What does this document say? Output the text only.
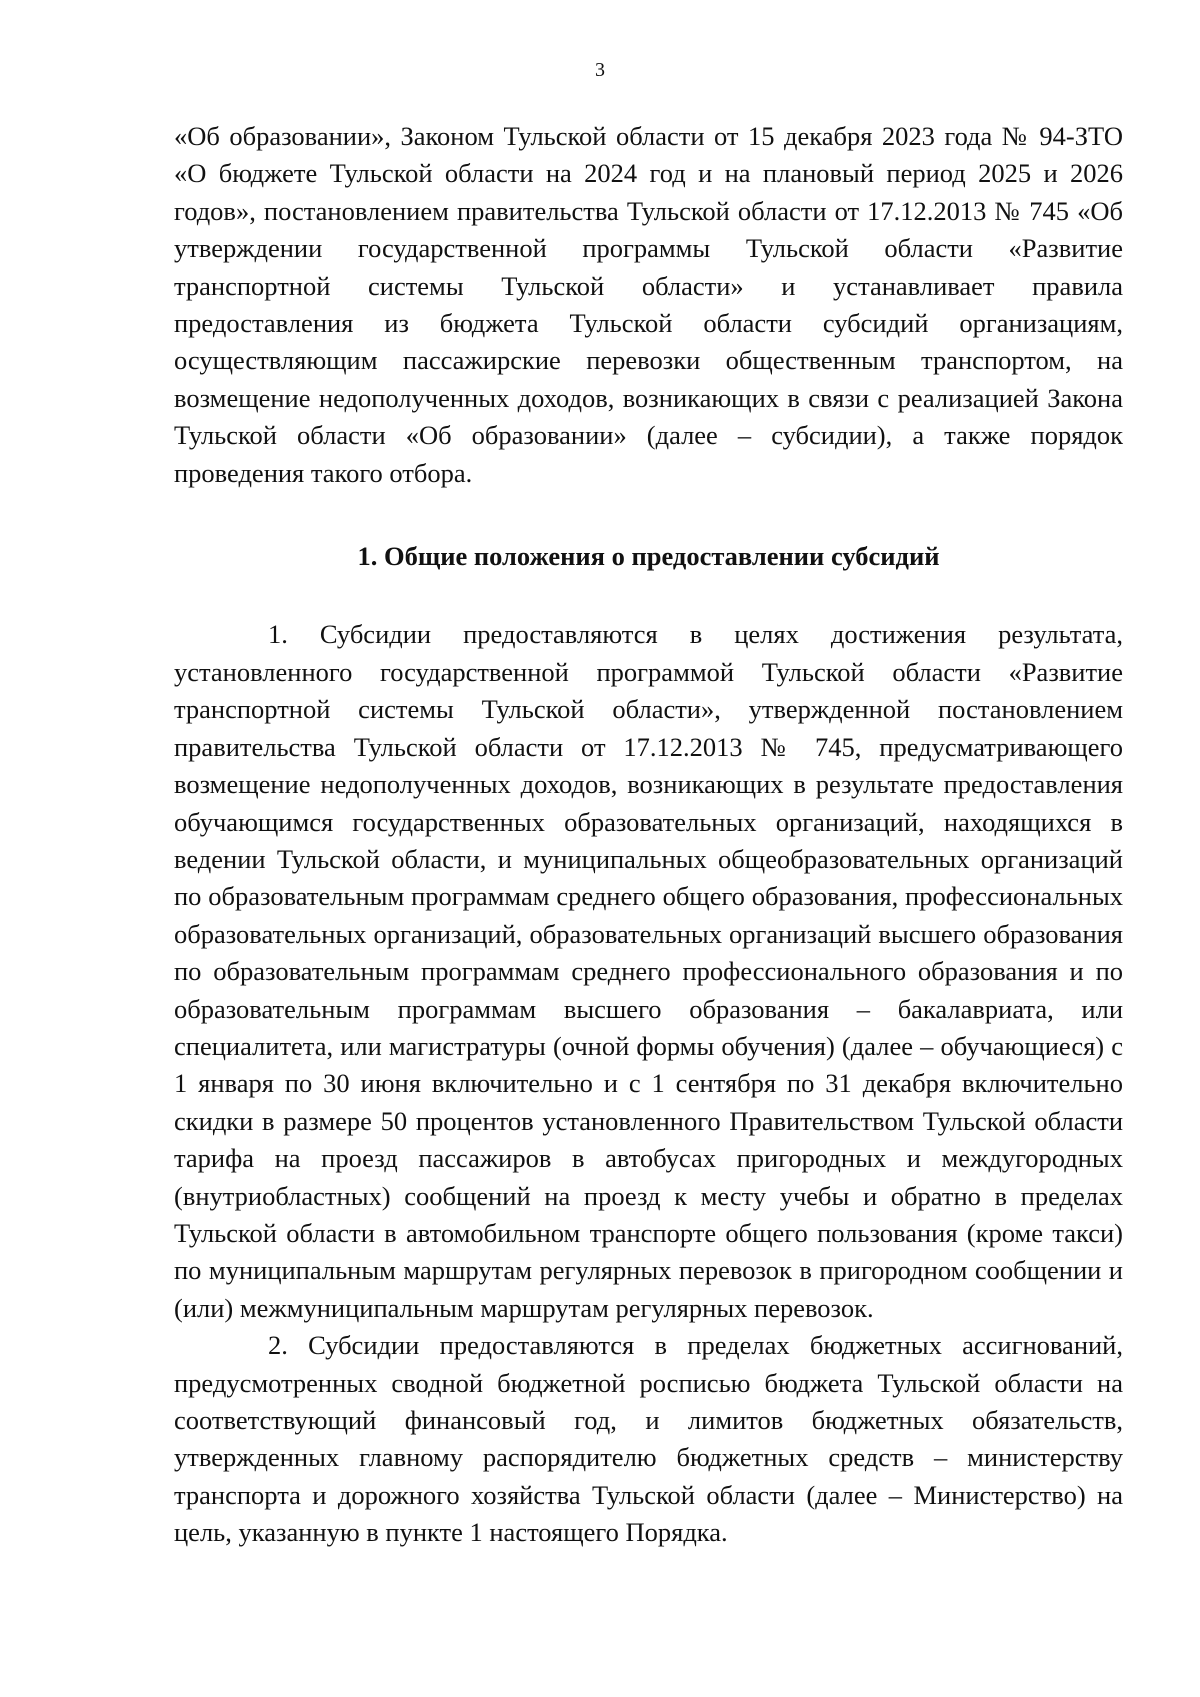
3

«Об образовании», Законом Тульской области от 15 декабря 2023 года № 94-ЗТО «О бюджете Тульской области на 2024 год и на плановый период 2025 и 2026 годов», постановлением правительства Тульской области от 17.12.2013 № 745 «Об утверждении государственной программы Тульской области «Развитие транспортной системы Тульской области» и устанавливает правила предоставления из бюджета Тульской области субсидий организациям, осуществляющим пассажирские перевозки общественным транспортом, на возмещение недополученных доходов, возникающих в связи с реализацией Закона Тульской области «Об образовании» (далее – субсидии), а также порядок проведения такого отбора.

1. Общие положения о предоставлении субсидий

1. Субсидии предоставляются в целях достижения результата, установленного государственной программой Тульской области «Развитие транспортной системы Тульской области», утвержденной постановлением правительства Тульской области от 17.12.2013 № 745, предусматривающего возмещение недополученных доходов, возникающих в результате предоставления обучающимся государственных образовательных организаций, находящихся в ведении Тульской области, и муниципальных общеобразовательных организаций по образовательным программам среднего общего образования, профессиональных образовательных организаций, образовательных организаций высшего образования по образовательным программам среднего профессионального образования и по образовательным программам высшего образования – бакалавриата, или специалитета, или магистратуры (очной формы обучения) (далее – обучающиеся) с 1 января по 30 июня включительно и с 1 сентября по 31 декабря включительно скидки в размере 50 процентов установленного Правительством Тульской области тарифа на проезд пассажиров в автобусах пригородных и междугородных (внутриобластных) сообщений на проезд к месту учебы и обратно в пределах Тульской области в автомобильном транспорте общего пользования (кроме такси) по муниципальным маршрутам регулярных перевозок в пригородном сообщении и (или) межмуниципальным маршрутам регулярных перевозок.

2. Субсидии предоставляются в пределах бюджетных ассигнований, предусмотренных сводной бюджетной росписью бюджета Тульской области на соответствующий финансовый год, и лимитов бюджетных обязательств, утвержденных главному распорядителю бюджетных средств – министерству транспорта и дорожного хозяйства Тульской области (далее – Министерство) на цель, указанную в пункте 1 настоящего Порядка.
